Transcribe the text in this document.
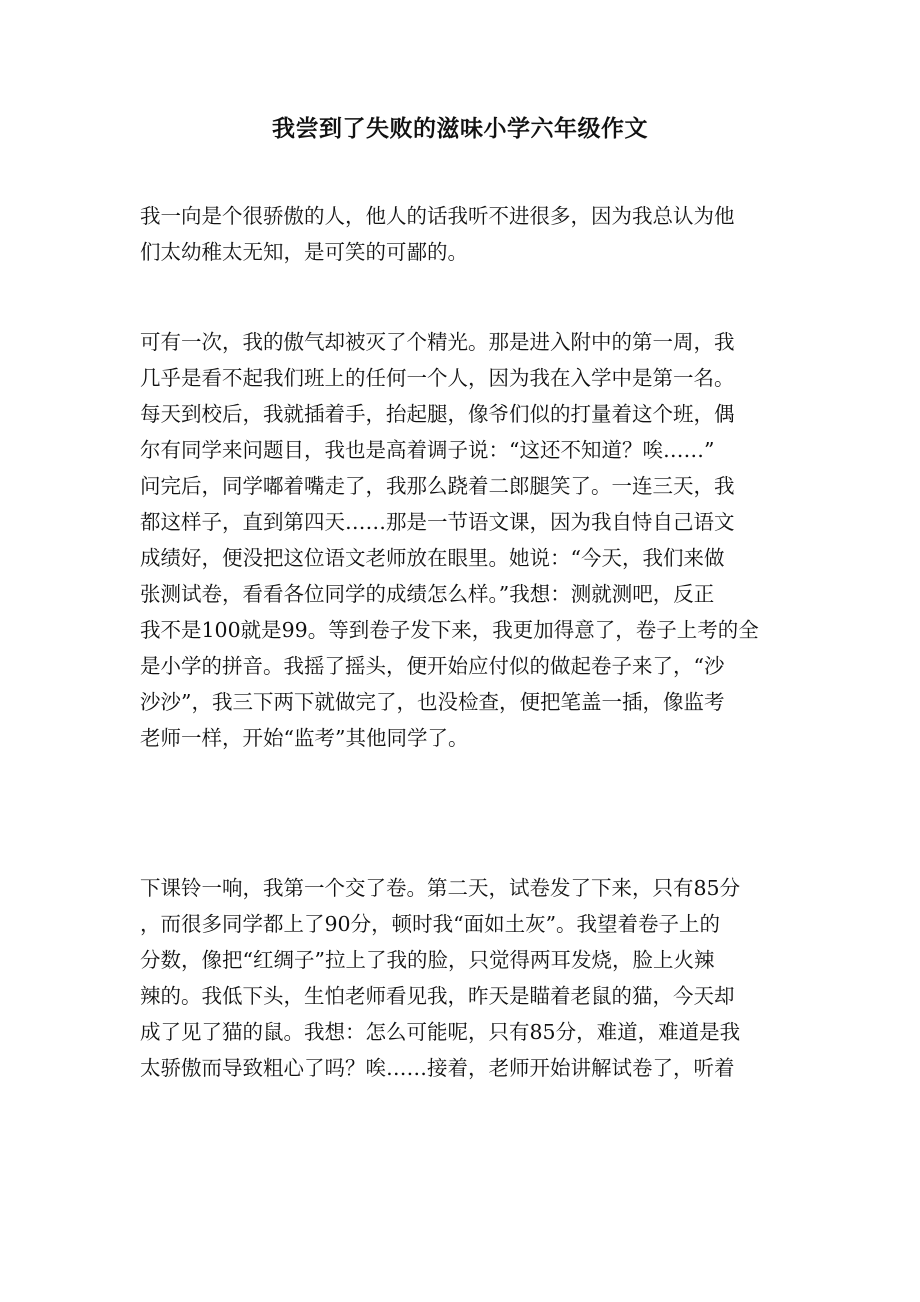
我尝到了失败的滋味小学六年级作文
我一向是个很骄傲的人，他人的话我听不进很多，因为我总认为他
们太幼稚太无知，是可笑的可鄙的。
可有一次，我的傲气却被灭了个精光。那是进入附中的第一周，我
几乎是看不起我们班上的任何一个人，因为我在入学中是第一名。
每天到校后，我就插着手，抬起腿，像爷们似的打量着这个班，偶
尔有同学来问题目，我也是高着调子说：“这还不知道？唉……”
问完后，同学嘟着嘴走了，我那么跷着二郎腿笑了。一连三天，我
都这样子，直到第四天……那是一节语文课，因为我自恃自己语文
成绩好，便没把这位语文老师放在眼里。她说：“今天，我们来做
张测试卷，看看各位同学的成绩怎么样。”我想：测就测吧，反正
我不是100就是99。等到卷子发下来，我更加得意了，卷子上考的全
是小学的拼音。我摇了摇头，便开始应付似的做起卷子来了，“沙
沙沙”，我三下两下就做完了，也没检查，便把笔盖一插，像监考
老师一样，开始“监考”其他同学了。
下课铃一响，我第一个交了卷。第二天，试卷发了下来，只有85分
，而很多同学都上了90分，顿时我“面如土灰”。我望着卷子上的
分数，像把“红绸子”拉上了我的脸，只觉得两耳发烧，脸上火辣
辣的。我低下头，生怕老师看见我，昨天是瞄着老鼠的猫，今天却
成了见了猫的鼠。我想：怎么可能呢，只有85分，难道，难道是我
太骄傲而导致粗心了吗？唉……接着，老师开始讲解试卷了，听着
